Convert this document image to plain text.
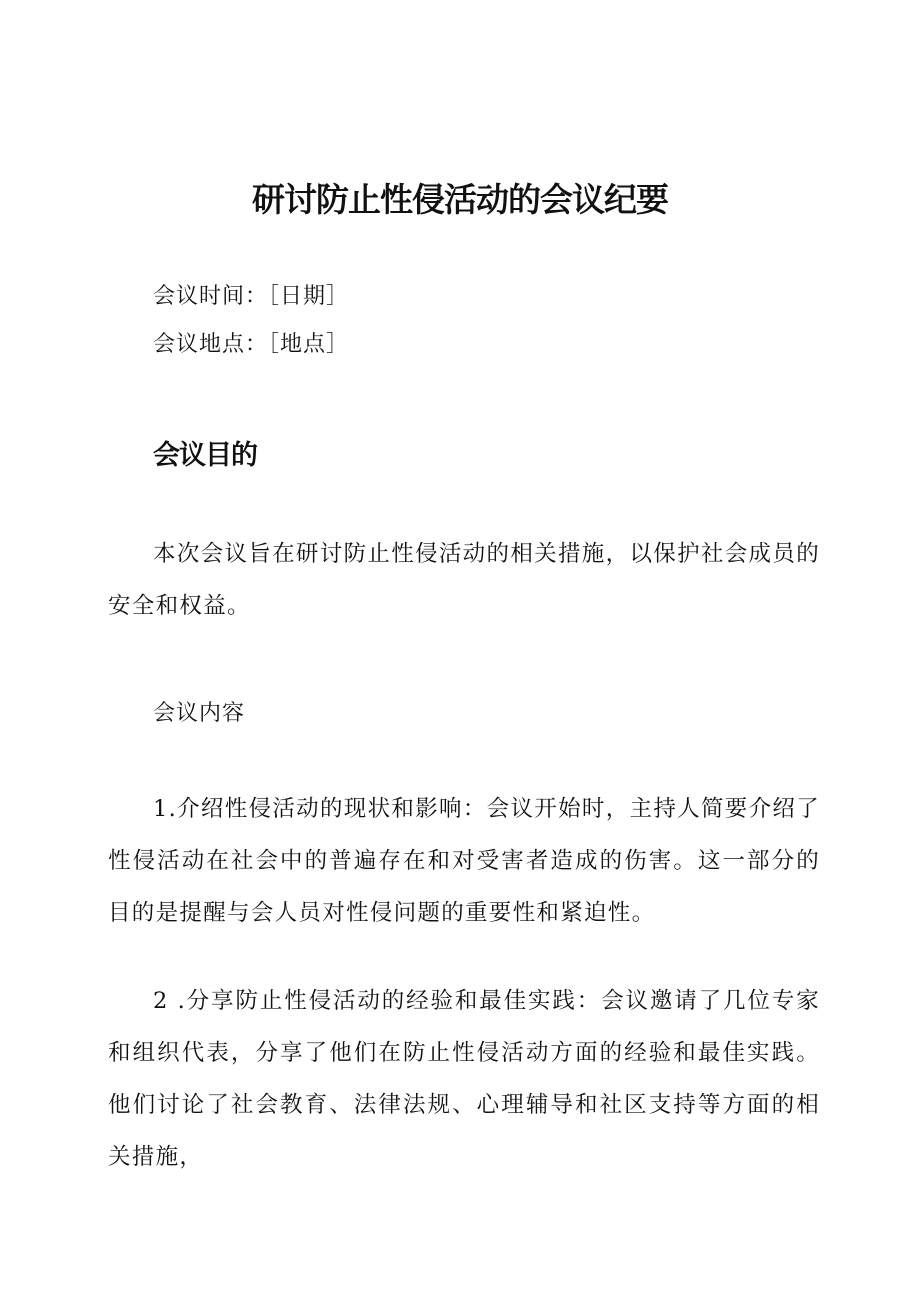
研讨防止性侵活动的会议纪要
会议时间：［日期］
会议地点：［地点］
会议目的

本次会议旨在研讨防止性侵活动的相关措施，以保护社会成员的安全和权益。

会议内容

1.介绍性侵活动的现状和影响：会议开始时，主持人简要介绍了性侵活动在社会中的普遍存在和对受害者造成的伤害。这一部分的目的是提醒与会人员对性侵问题的重要性和紧迫性。

2 .分享防止性侵活动的经验和最佳实践：会议邀请了几位专家和组织代表，分享了他们在防止性侵活动方面的经验和最佳实践。他们讨论了社会教育、法律法规、心理辅导和社区支持等方面的相关措施，
